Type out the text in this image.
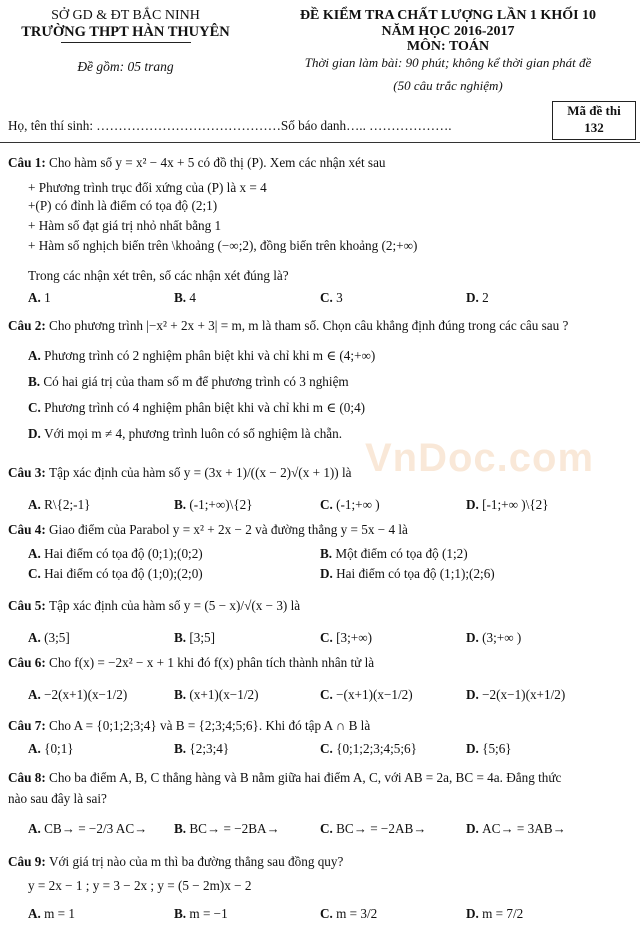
SỞ GD & ĐT BẮC NINH
TRƯỜNG THPT HÀN THUYÊN
Đề gồm: 05 trang
ĐỀ KIỂM TRA CHẤT LƯỢNG LẦN 1 KHỐI 10
NĂM HỌC 2016-2017
MÔN: TOÁN
Thời gian làm bài: 90 phút; không kể thời gian phát đề
(50 câu trắc nghiệm)
Mã đề thi
132
Họ, tên thí sinh: ……………………………………Số báo danh….. ……………….
VnDoc.com
Câu 1: Cho hàm số y = x² − 4x + 5 có đồ thị (P). Xem các nhận xét sau
+ Phương trình trục đối xứng của (P) là x = 4
+(P) có đỉnh là điểm có tọa độ (2;1)
+ Hàm số đạt giá trị nhỏ nhất bằng 1
+ Hàm số nghịch biến trên \khoảng (−∞;2), đồng biến trên khoảng (2;+∞)
Trong các nhận xét trên, số các nhận xét đúng là?
A. 1	B. 4	C. 3	D. 2
Câu 2: Cho phương trình |−x² + 2x + 3| = m, m là tham số. Chọn câu khẳng định đúng trong các câu sau ?
A. Phương trình có 2 nghiệm phân biệt khi và chỉ khi m ∈ (4;+∞)
B. Có hai giá trị của tham số m để phương trình có 3 nghiệm
C. Phương trình có 4 nghiệm phân biệt khi và chỉ khi m ∈ (0;4)
D. Với mọi m ≠ 4, phương trình luôn có số nghiệm là chẵn.
Câu 3: Tập xác định của hàm số y = (3x + 1)/((x − 2)√(x + 1)) là
A. R\{2;-1}	B. (-1;+∞)\{2}	C. (-1;+∞ )	D. [-1;+∞ )\{2}
Câu 4: Giao điểm của Parabol y = x² + 2x − 2 và đường thẳng y = 5x − 4 là
A. Hai điểm có tọa độ (0;1);(0;2)	B. Một điểm có tọa độ (1;2)
C. Hai điểm có tọa độ (1;0);(2;0)	D. Hai điểm có tọa độ (1;1);(2;6)
Câu 5: Tập xác định của hàm số y = (5 − x)/√(x − 3) là
A. (3;5]	B. [3;5]	C. [3;+∞)	D. (3;+∞ )
Câu 6: Cho f(x) = −2x² − x + 1 khi đó f(x) phân tích thành nhân tử là
A. −2(x+1)(x−1/2)	B. (x+1)(x−1/2)	C. −(x+1)(x−1/2)	D. −2(x−1)(x+1/2)
Câu 7: Cho A = {0;1;2;3;4} và B = {2;3;4;5;6}. Khi đó tập A ∩ B là
A. {0;1}	B. {2;3;4}	C. {0;1;2;3;4;5;6}	D. {5;6}
Câu 8: Cho ba điểm A, B, C thẳng hàng và B nằm giữa hai điểm A, C, với AB = 2a, BC = 4a. Đẳng thức
nào sau đây là sai?
A. CB→ = −2/3 AC→ B. BC→ = −2BA→	C. BC→ = −2AB→	D. AC→ = 3AB→
Câu 9: Với giá trị nào của m thì ba đường thẳng sau đồng quy?
y = 2x − 1 ; y = 3 − 2x ; y = (5 − 2m)x − 2
A. m = 1	B. m = −1	C. m = 3/2	D. m = 7/2
